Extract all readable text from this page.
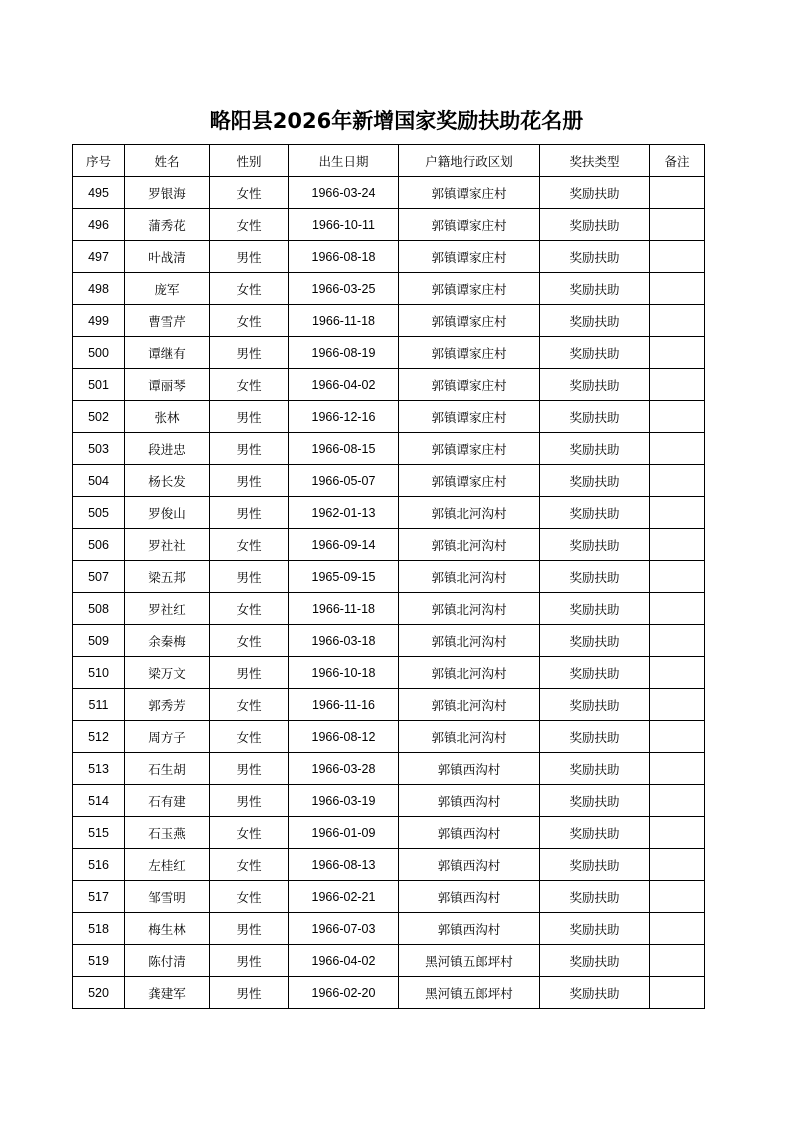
略阳县2026年新增国家奖励扶助花名册
序号	姓名	性别	出生日期	户籍地行政区划	奖扶类型	备注
495	罗银海	女性	1966-03-24	郭镇谭家庄村	奖励扶助	
496	蒲秀花	女性	1966-10-11	郭镇谭家庄村	奖励扶助	
497	叶战清	男性	1966-08-18	郭镇谭家庄村	奖励扶助	
498	庞军	女性	1966-03-25	郭镇谭家庄村	奖励扶助	
499	曹雪芹	女性	1966-11-18	郭镇谭家庄村	奖励扶助	
500	谭继有	男性	1966-08-19	郭镇谭家庄村	奖励扶助	
501	谭丽琴	女性	1966-04-02	郭镇谭家庄村	奖励扶助	
502	张林	男性	1966-12-16	郭镇谭家庄村	奖励扶助	
503	段进忠	男性	1966-08-15	郭镇谭家庄村	奖励扶助	
504	杨长发	男性	1966-05-07	郭镇谭家庄村	奖励扶助	
505	罗俊山	男性	1962-01-13	郭镇北河沟村	奖励扶助	
506	罗社社	女性	1966-09-14	郭镇北河沟村	奖励扶助	
507	梁五邦	男性	1965-09-15	郭镇北河沟村	奖励扶助	
508	罗社红	女性	1966-11-18	郭镇北河沟村	奖励扶助	
509	余秦梅	女性	1966-03-18	郭镇北河沟村	奖励扶助	
510	梁万文	男性	1966-10-18	郭镇北河沟村	奖励扶助	
511	郭秀芳	女性	1966-11-16	郭镇北河沟村	奖励扶助	
512	周方子	女性	1966-08-12	郭镇北河沟村	奖励扶助	
513	石生胡	男性	1966-03-28	郭镇西沟村	奖励扶助	
514	石有建	男性	1966-03-19	郭镇西沟村	奖励扶助	
515	石玉燕	女性	1966-01-09	郭镇西沟村	奖励扶助	
516	左桂红	女性	1966-08-13	郭镇西沟村	奖励扶助	
517	邹雪明	女性	1966-02-21	郭镇西沟村	奖励扶助	
518	梅生林	男性	1966-07-03	郭镇西沟村	奖励扶助	
519	陈付清	男性	1966-04-02	黑河镇五郎坪村	奖励扶助	
520	龚建军	男性	1966-02-20	黑河镇五郎坪村	奖励扶助	
